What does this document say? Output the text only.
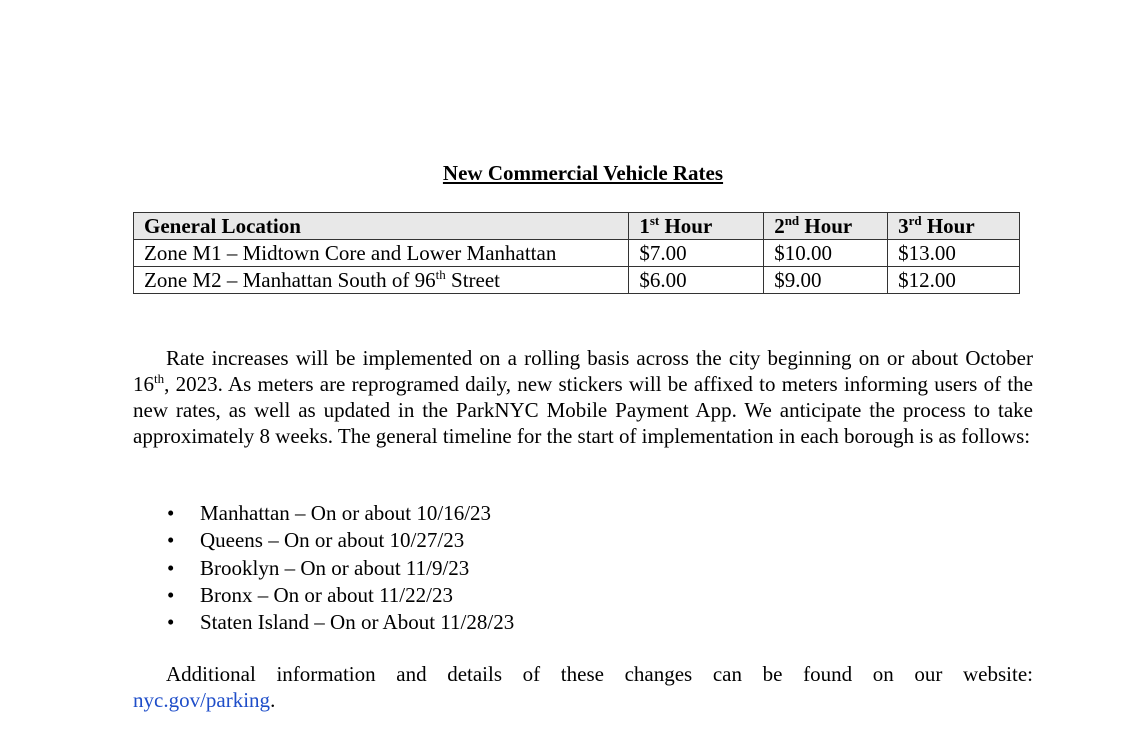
New Commercial Vehicle Rates
General Location	1st Hour	2nd Hour	3rd Hour
Zone M1 – Midtown Core and Lower Manhattan	$7.00	$10.00	$13.00
Zone M2 – Manhattan South of 96th Street	$6.00	$9.00	$12.00

Rate increases will be implemented on a rolling basis across the city beginning on or about October 16th, 2023. As meters are reprogramed daily, new stickers will be affixed to meters informing users of the new rates, as well as updated in the ParkNYC Mobile Payment App. We anticipate the process to take approximately 8 weeks. The general timeline for the start of implementation in each borough is as follows:

• Manhattan – On or about 10/16/23
• Queens – On or about 10/27/23
• Brooklyn – On or about 11/9/23
• Bronx – On or about 11/22/23
• Staten Island – On or About 11/28/23

Additional information and details of these changes can be found on our website:

nyc.gov/parking.
